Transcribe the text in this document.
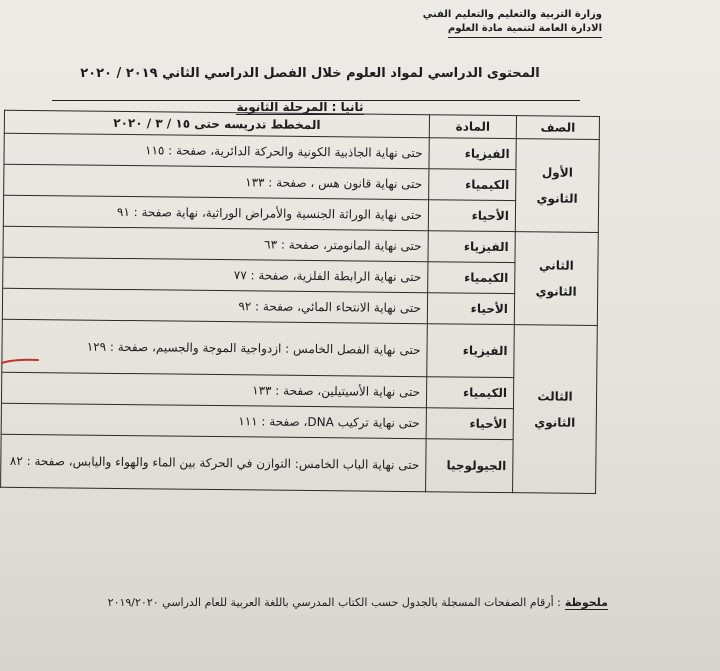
وزارة التربية والتعليم والتعليم الفني
الادارة العامة لتنمية مادة العلوم
المحتوى الدراسي لمواد العلوم خلال الفصل الدراسي الثاني ٢٠١٩ / ٢٠٢٠
ثانيا : المرحلة الثانوية
الصف	المادة	المخطط تدريسه حتى ١٥ / ٣ / ٢٠٢٠
الأول
الثانوي	الفيزياء	حتى نهاية الجاذبية الكونية والحركة الدائرية، صفحة : ١١٥
	الكيمياء	حتى نهاية قانون هس ، صفحة : ١٣٣
	الأحياء	حتى نهاية الوراثة الجنسية والأمراض الوراثية، نهاية صفحة : ٩١
الثاني
الثانوي	الفيزياء	حتى نهاية المانومتر، صفحة : ٦٣
	الكيمياء	حتى نهاية الرابطة الفلزية، صفحة : ٧٧
	الأحياء	حتى نهاية الانتحاء المائي، صفحة : ٩٢
الثالث
الثانوي	الفيزياء	حتى نهاية الفصل الخامس : ازدواجية الموجة والجسيم، صفحة : ١٢٩
	الكيمياء	حتى نهاية الأسيتيلين، صفحة : ١٣٣
	الأحياء	حتى نهاية تركيب DNA، صفحة : ١١١
	الجيولوجيا	حتى نهاية الباب الخامس: التوازن في الحركة بين الماء والهواء واليابس، صفحة : ٨٢
ملحوظة: أرقام الصفحات المسجلة بالجدول حسب الكتاب المدرسي باللغة العربية للعام الدراسي ٢٠١٩/٢٠٢٠
